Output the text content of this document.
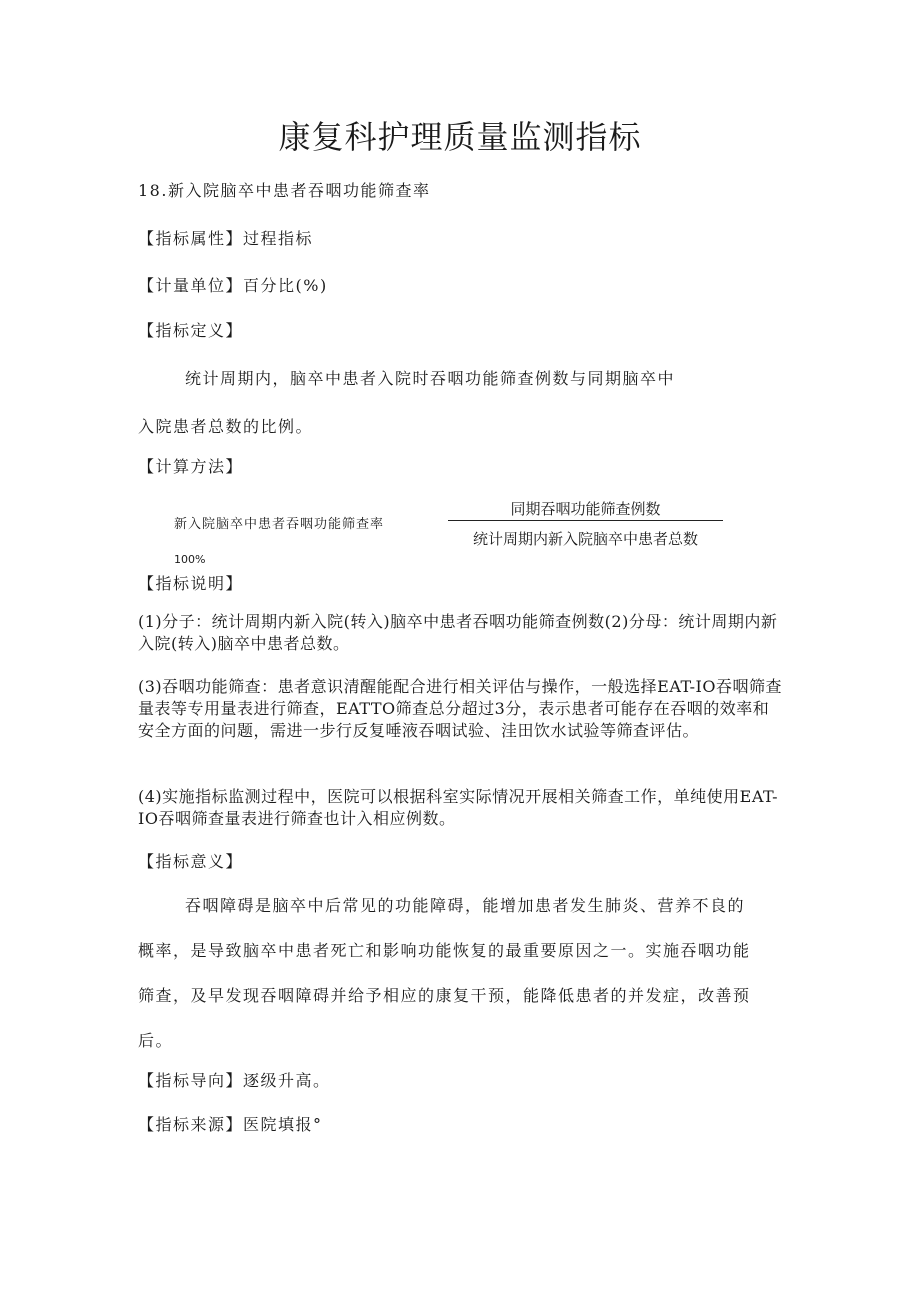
康复科护理质量监测指标
18.新入院脑卒中患者吞咽功能筛查率
【指标属性】过程指标
【计量单位】百分比(%)
【指标定义】
统计周期内，脑卒中患者入院时吞咽功能筛查例数与同期脑卒中
入院患者总数的比例。
【计算方法】
新入院脑卒中患者吞咽功能筛查率
同期吞咽功能筛查例数
统计周期内新入院脑卒中患者总数
100%
【指标说明】
(1)分子：统计周期内新入院(转入)脑卒中患者吞咽功能筛查例数(2)分母：统计周期内新入院(转入)脑卒中患者总数。
(3)吞咽功能筛查：患者意识清醒能配合进行相关评估与操作，一般选择EAT-IO吞咽筛查量表等专用量表进行筛查，EATTO筛查总分超过3分，表示患者可能存在吞咽的效率和安全方面的问题，需进一步行反复唾液吞咽试验、洼田饮水试验等筛查评估。
(4)实施指标监测过程中，医院可以根据科室实际情况开展相关筛查工作，单纯使用EAT-IO吞咽筛查量表进行筛查也计入相应例数。
【指标意义】
吞咽障碍是脑卒中后常见的功能障碍，能增加患者发生肺炎、营养不良的
概率，是导致脑卒中患者死亡和影响功能恢复的最重要原因之一。实施吞咽功能
筛查，及早发现吞咽障碍并给予相应的康复干预，能降低患者的并发症，改善预
后。
【指标导向】逐级升高。
【指标来源】医院填报°
